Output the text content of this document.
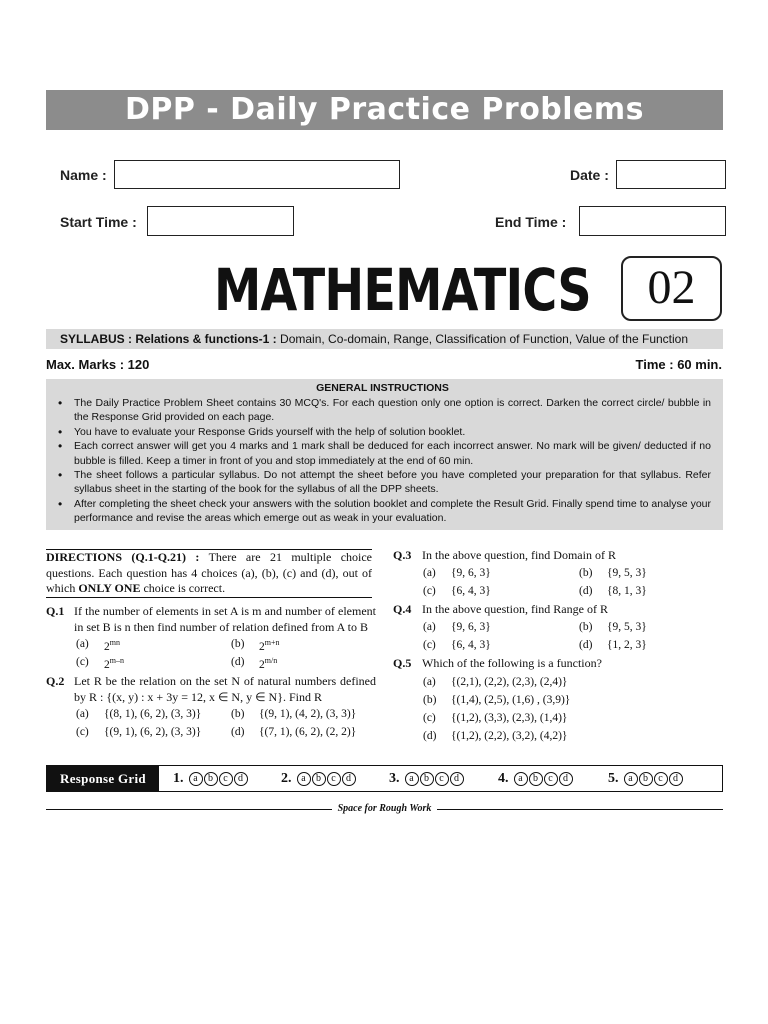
DPP - Daily Practice Problems
Name :	Date :
Start Time :	End Time :
MATHEMATICS	02
SYLLABUS : Relations & functions-1 : Domain, Co-domain, Range, Classification of Function, Value of the Function
Max. Marks : 120	Time : 60 min.
GENERAL INSTRUCTIONS
• The Daily Practice Problem Sheet contains 30 MCQ's. For each question only one option is correct. Darken the correct circle/ bubble in the Response Grid provided on each page.
• You have to evaluate your Response Grids yourself with the help of solution booklet.
• Each correct answer will get you 4 marks and 1 mark shall be deduced for each incorrect answer. No mark will be given/ deducted if no bubble is filled. Keep a timer in front of you and stop immediately at the end of 60 min.
• The sheet follows a particular syllabus. Do not attempt the sheet before you have completed your preparation for that syllabus. Refer syllabus sheet in the starting of the book for the syllabus of all the DPP sheets.
• After completing the sheet check your answers with the solution booklet and complete the Result Grid. Finally spend time to analyse your performance and revise the areas which emerge out as weak in your evaluation.
DIRECTIONS (Q.1-Q.21) : There are 21 multiple choice questions. Each question has 4 choices (a), (b), (c) and (d), out of which ONLY ONE choice is correct.
Q.1 If the number of elements in set A is m and number of element in set B is n then find number of relation defined from A to B
(a) $2^{mn}$	(b) $2^{m+n}$
(c) 2$^{m-n}$	(d) $2^{m/n}$
Q.2 Let R be the relation on the set N of natural numbers defined by R : {(x, y) : x + 3y = 12, x ∈ N, y ∈ N}. Find R
(a) {(8, 1), (6, 2), (3, 3)}	(b) {(9, 1), (4, 2), (3, 3)}
(c) {(9, 1), (6, 2), (3, 3)}	(d) {(7, 1), (6, 2), (2, 2)}
Q.3 In the above question, find Domain of R
(a) {9, 6, 3}	(b) {9, 5, 3}
(c) {6, 4, 3}	(d) {8, 1, 3}
Q.4 In the above question, find Range of R
(a) {9, 6, 3}	(b) {9, 5, 3}
(c) {6, 4, 3}	(d) {1, 2, 3}
Q.5 Which of the following is a function?
(a) {(2,1), (2,2), (2,3), (2,4)}
(b) {(1,4), (2,5), (1,6) , (3,9)}
(c) {(1,2), (3,3), (2,3), (1,4)}
(d) {(1,2), (2,2), (3,2), (4,2)}
Response Grid	1. a	b	c	d	2. a	b	c	d	3. a	b	c	d	4. a	b	c	d	5. a	b	c	d
Space for Rough Work
